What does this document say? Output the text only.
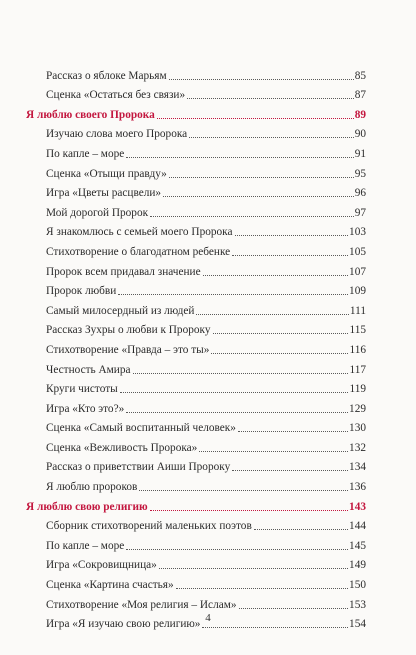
Рассказ о яблоке Марьям	85
Сценка «Остаться без связи»	87
Я люблю своего Пророка	89
Изучаю слова моего Пророка	90
По капле – море	91
Сценка «Отыщи правду»	95
Игра «Цветы расцвели»	96
Мой дорогой Пророк	97
Я знакомлюсь с семьей моего Пророка	103
Стихотворение о благодатном ребенке	105
Пророк всем придавал значение	107
Пророк любви	109
Самый милосердный из людей	111
Рассказ Зухры о любви к Пророку	115
Стихотворение «Правда – это ты»	116
Честность Амира	117
Круги чистоты	119
Игра «Кто это?»	129
Сценка «Самый воспитанный человек»	130
Сценка «Вежливость Пророка»	132
Рассказ о приветствии Аиши Пророку	134
Я люблю пророков	136
Я люблю свою религию	143
Сборник стихотворений маленьких поэтов	144
По капле – море	145
Игра «Сокровищница»	149
Сценка «Картина счастья»	150
Стихотворение «Моя религия – Ислам»	153
Игра «Я изучаю свою религию»	154
4
